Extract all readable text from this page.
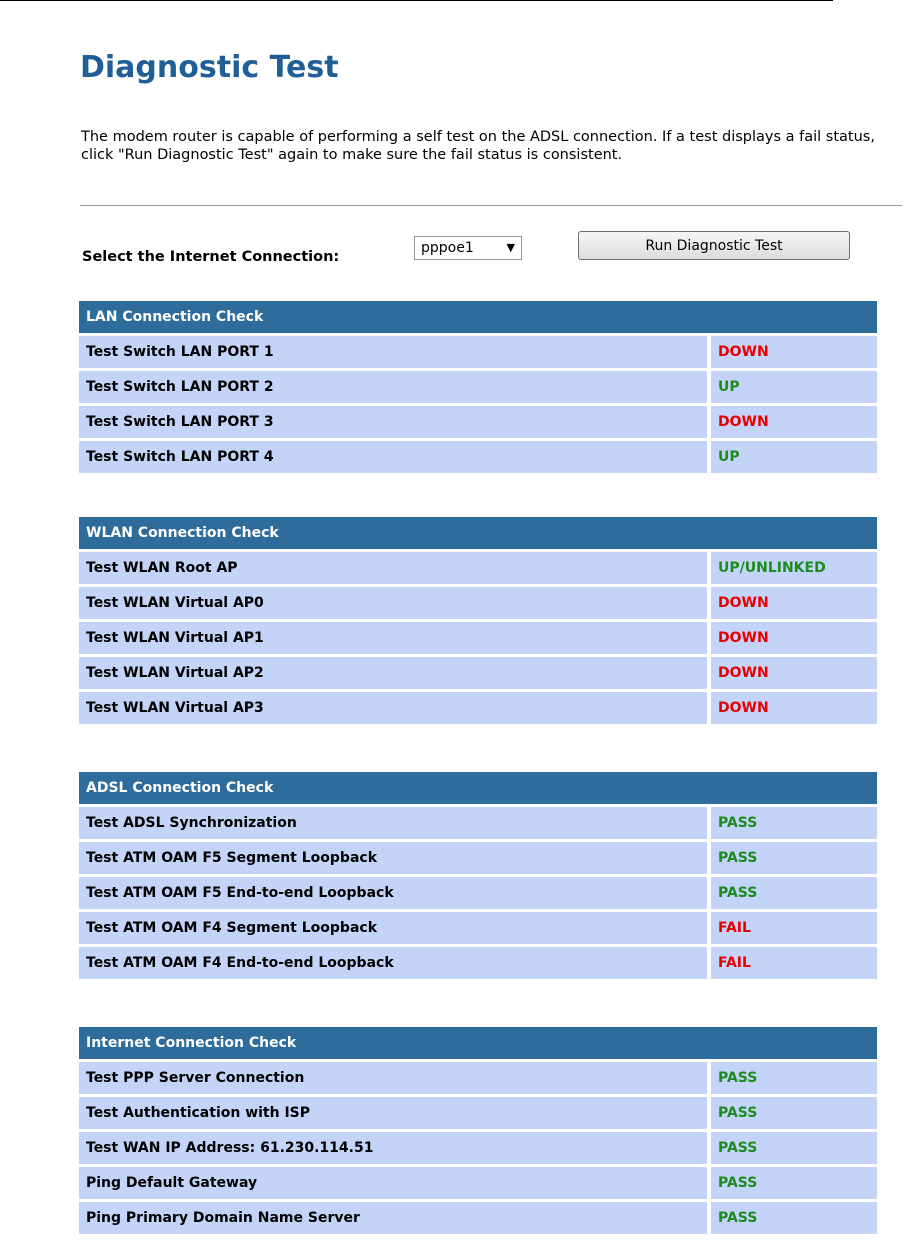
Diagnostic Test

The modem router is capable of performing a self test on the ADSL connection. If a test displays a fail status, click "Run Diagnostic Test" again to make sure the fail status is consistent.

Select the Internet Connection:
pppoe1	▼	Run Diagnostic Test
LAN Connection Check	
Test Switch LAN PORT 1	DOWN
Test Switch LAN PORT 2	UP
Test Switch LAN PORT 3	DOWN
Test Switch LAN PORT 4	UP
WLAN Connection Check	
Test WLAN Root AP	UP/UNLINKED
Test WLAN Virtual AP0	DOWN
Test WLAN Virtual AP1	DOWN
Test WLAN Virtual AP2	DOWN
Test WLAN Virtual AP3	DOWN
ADSL Connection Check	
Test ADSL Synchronization	PASS
Test ATM OAM F5 Segment Loopback	PASS
Test ATM OAM F5 End-to-end Loopback	PASS
Test ATM OAM F4 Segment Loopback	FAIL
Test ATM OAM F4 End-to-end Loopback	FAIL
Internet Connection Check	
Test PPP Server Connection	PASS
Test Authentication with ISP	PASS
Test WAN IP Address: 61.230.114.51	PASS
Ping Default Gateway	PASS
Ping Primary Domain Name Server	PASS
